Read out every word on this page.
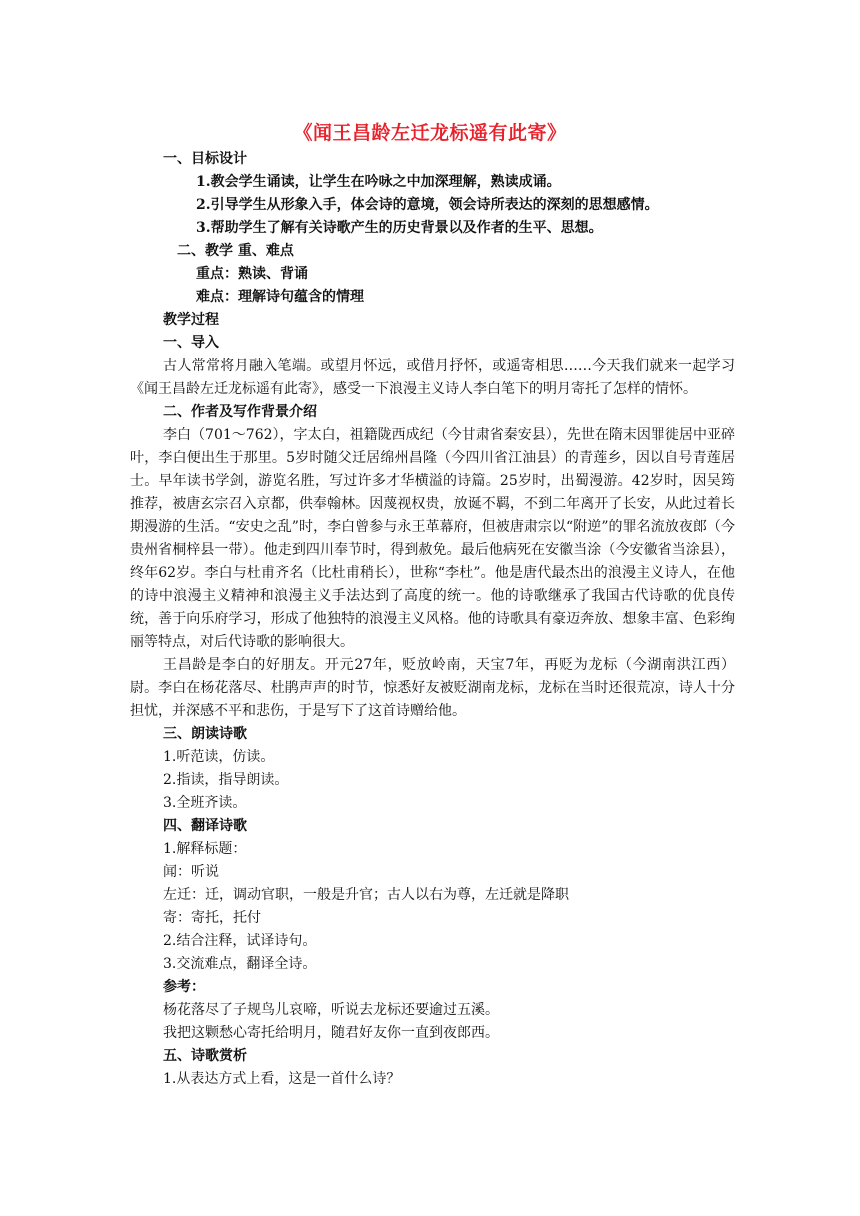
《闻王昌龄左迁龙标遥有此寄》
一、目标设计
1.教会学生诵读，让学生在吟咏之中加深理解，熟读成诵。
2.引导学生从形象入手，体会诗的意境，领会诗所表达的深刻的思想感情。
3.帮助学生了解有关诗歌产生的历史背景以及作者的生平、思想。
二、教学 重、难点
重点：熟读、背诵
难点：理解诗句蕴含的情理
教学过程
一、导入
古人常常将月融入笔端。或望月怀远，或借月抒怀，或遥寄相思……今天我们就来一起学习《闻王昌龄左迁龙标遥有此寄》，感受一下浪漫主义诗人李白笔下的明月寄托了怎样的情怀。
二、作者及写作背景介绍
李白（701～762），字太白，祖籍陇西成纪（今甘肃省秦安县），先世在隋末因罪徙居中亚碎叶，李白便出生于那里。5岁时随父迁居绵州昌隆（今四川省江油县）的青莲乡，因以自号青莲居士。早年读书学剑，游览名胜，写过许多才华横溢的诗篇。25岁时，出蜀漫游。42岁时，因吴筠推荐，被唐玄宗召入京都，供奉翰林。因蔑视权贵，放诞不羁，不到二年离开了长安，从此过着长期漫游的生活。“安史之乱”时，李白曾参与永王革幕府，但被唐肃宗以“附逆”的罪名流放夜郎（今贵州省桐梓县一带）。他走到四川奉节时，得到赦免。最后他病死在安徽当涂（今安徽省当涂县），终年62岁。李白与杜甫齐名（比杜甫稍长），世称“李杜”。他是唐代最杰出的浪漫主义诗人，在他的诗中浪漫主义精神和浪漫主义手法达到了高度的统一。他的诗歌继承了我国古代诗歌的优良传统，善于向乐府学习，形成了他独特的浪漫主义风格。他的诗歌具有豪迈奔放、想象丰富、色彩绚丽等特点，对后代诗歌的影响很大。
王昌龄是李白的好朋友。开元27年，贬放岭南，天宝7年，再贬为龙标（今湖南洪江西）尉。李白在杨花落尽、杜鹃声声的时节，惊悉好友被贬湖南龙标，龙标在当时还很荒凉，诗人十分担忧，并深感不平和悲伤，于是写下了这首诗赠给他。
三、朗读诗歌
1.听范读，仿读。
2.指读，指导朗读。
3.全班齐读。
四、翻译诗歌
1.解释标题：
闻：听说
左迁：迁，调动官职，一般是升官；古人以右为尊，左迁就是降职
寄：寄托，托付
2.结合注释，试译诗句。
3.交流难点，翻译全诗。
参考：
杨花落尽了子规鸟儿哀啼，听说去龙标还要逾过五溪。
我把这颗愁心寄托给明月，随君好友你一直到夜郎西。
五、诗歌赏析
1.从表达方式上看，这是一首什么诗？
